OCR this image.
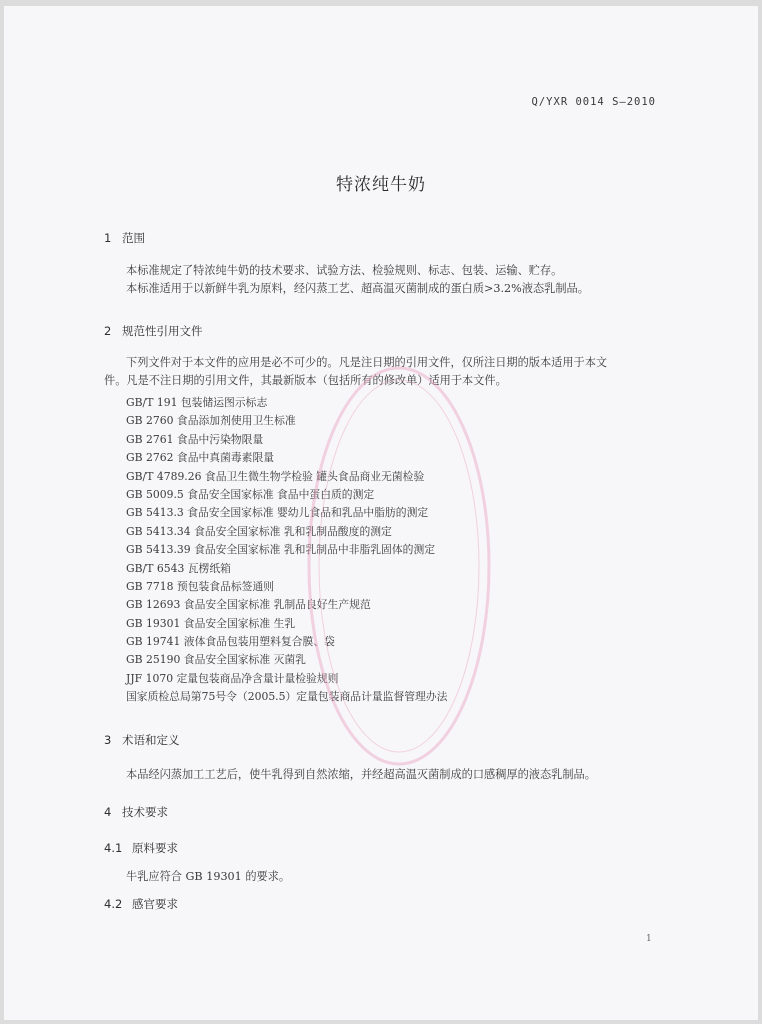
Q/YXR 0014 S—2010
特浓纯牛奶
1 范围
本标准规定了特浓纯牛奶的技术要求、试验方法、检验规则、标志、包装、运输、贮存。
本标准适用于以新鲜牛乳为原料，经闪蒸工艺、超高温灭菌制成的蛋白质>3.2%液态乳制品。
2 规范性引用文件
下列文件对于本文件的应用是必不可少的。凡是注日期的引用文件，仅所注日期的版本适用于本文
件。凡是不注日期的引用文件，其最新版本（包括所有的修改单）适用于本文件。
GB/T 191 包装储运图示标志
GB 2760 食品添加剂使用卫生标准
GB 2761 食品中污染物限量
GB 2762 食品中真菌毒素限量
GB/T 4789.26 食品卫生微生物学检验 罐头食品商业无菌检验
GB 5009.5 食品安全国家标准 食品中蛋白质的测定
GB 5413.3 食品安全国家标准 婴幼儿食品和乳品中脂肪的测定
GB 5413.34 食品安全国家标准 乳和乳制品酸度的测定
GB 5413.39 食品安全国家标准 乳和乳制品中非脂乳固体的测定
GB/T 6543 瓦楞纸箱
GB 7718 预包装食品标签通则
GB 12693 食品安全国家标准 乳制品良好生产规范
GB 19301 食品安全国家标准 生乳
GB 19741 液体食品包装用塑料复合膜、袋
GB 25190 食品安全国家标准 灭菌乳
JJF 1070 定量包装商品净含量计量检验规则
国家质检总局第75号令（2005.5）定量包装商品计量监督管理办法
3 术语和定义
本品经闪蒸加工工艺后，使牛乳得到自然浓缩，并经超高温灭菌制成的口感稠厚的液态乳制品。
4 技术要求
4.1 原料要求
牛乳应符合 GB 19301 的要求。
4.2 感官要求
1
